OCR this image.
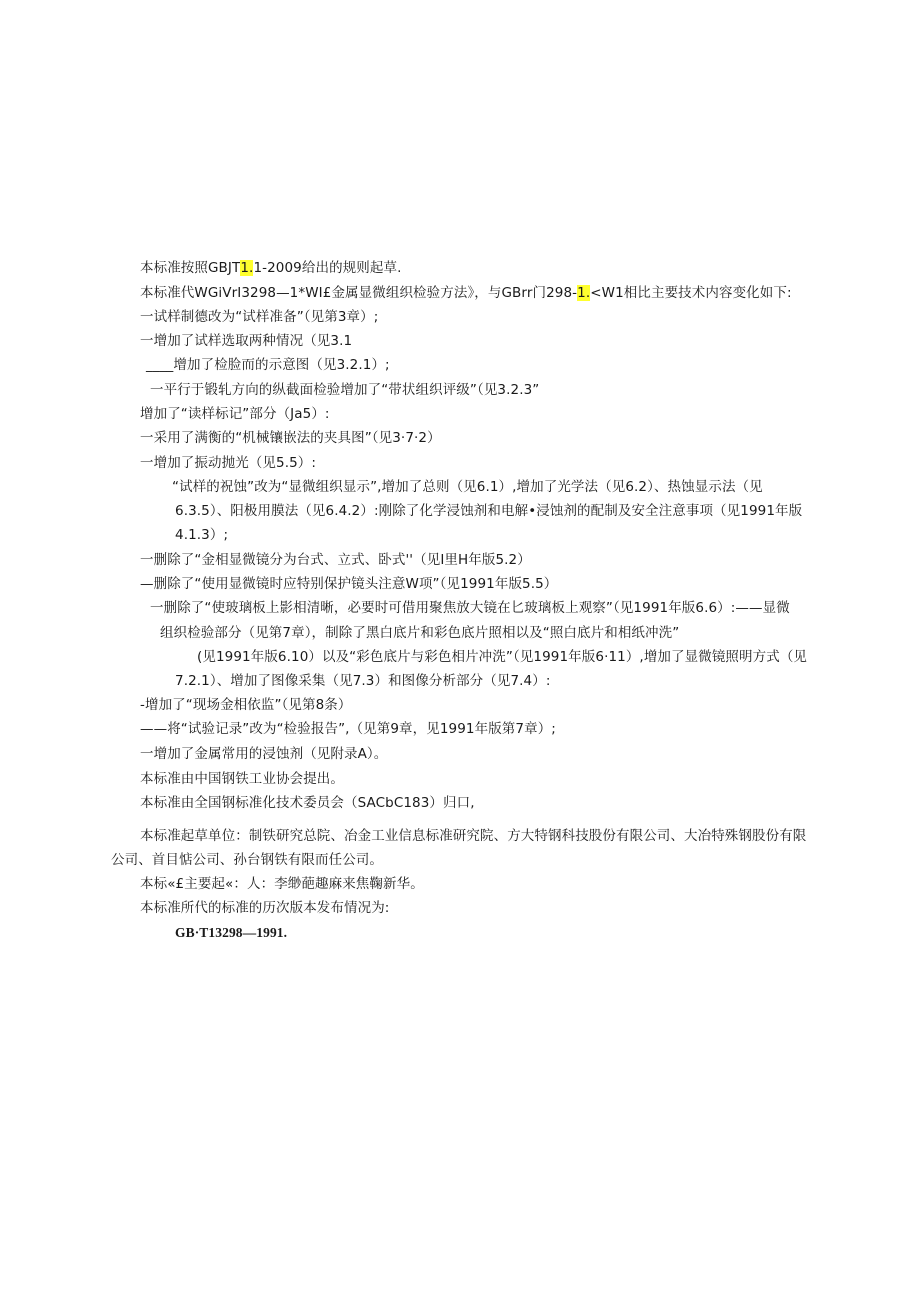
本标准按照GBJT1.1-2009给出的规则起草.
本标准代WGiVrI3298—1*WI£金属显微组织检验方法》，与GBrr门298-1.<W1相比主要技术内容变化如下:
一试样制德改为“试样准备”（见第3章）;
一增加了试样选取两种情况（见3.1
____增加了检脸而的示意图（见3.2.1）;
一平行于锻轧方向的纵截面检验增加了“带状组织评级”（见3.2.3”
增加了“读样标记”部分（Ja5）:
一采用了满衡的“机械镶嵌法的夹具图”（见3·7·2）
一增加了振动抛光（见5.5）:
“试样的祝蚀”改为“显微组织显示”,增加了总则（见6.1）,增加了光学法（见6.2）、热蚀显示法（见
6.3.5）、阳极用膜法（见6.4.2）:刚除了化学浸蚀剂和电解•浸蚀剂的配制及安全注意事项（见1991年版
4.1.3）;
一删除了“金相显微镜分为台式、立式、卧式''（见I里H年版5.2）
—删除了“使用显微镜时应特别保护镜头注意W项”（见1991年版5.5）
一删除了“使玻璃板上影相清晰，必要时可借用聚焦放大镜在匕玻璃板上观察”（见1991年版6.6）:——显微
组织检验部分（见第7章），制除了黑白底片和彩色底片照相以及“照白底片和相纸冲洗”
(见1991年版6.10）以及“彩色底片与彩色相片冲洗”（见1991年版6·11）,增加了显微镜照明方式（见
7.2.1）、增加了图像采集（见7.3）和图像分析部分（见7.4）:
-增加了“现场金相依监”（见第8条）
——将“试验记录”改为“检验报告”,（见第9章，见1991年版第7章）;
一增加了金属常用的浸蚀剂（见附录A）。
本标准由中国钢铁工业协会提出。
本标准由全国钢标准化技术委员会（SACbC183）归口,
本标准起草单位：制铁研究总院、冶金工业信息标准研究院、方大特钢科技股份有限公司、大冶特殊钢股份有限
公司、首目惦公司、孙台钢铁有限而任公司。
本标«£主要起«：人：李缈葩趣麻来焦鞠新华。
本标准所代的标准的历次版本发布情况为:
GB·T13298—1991.
